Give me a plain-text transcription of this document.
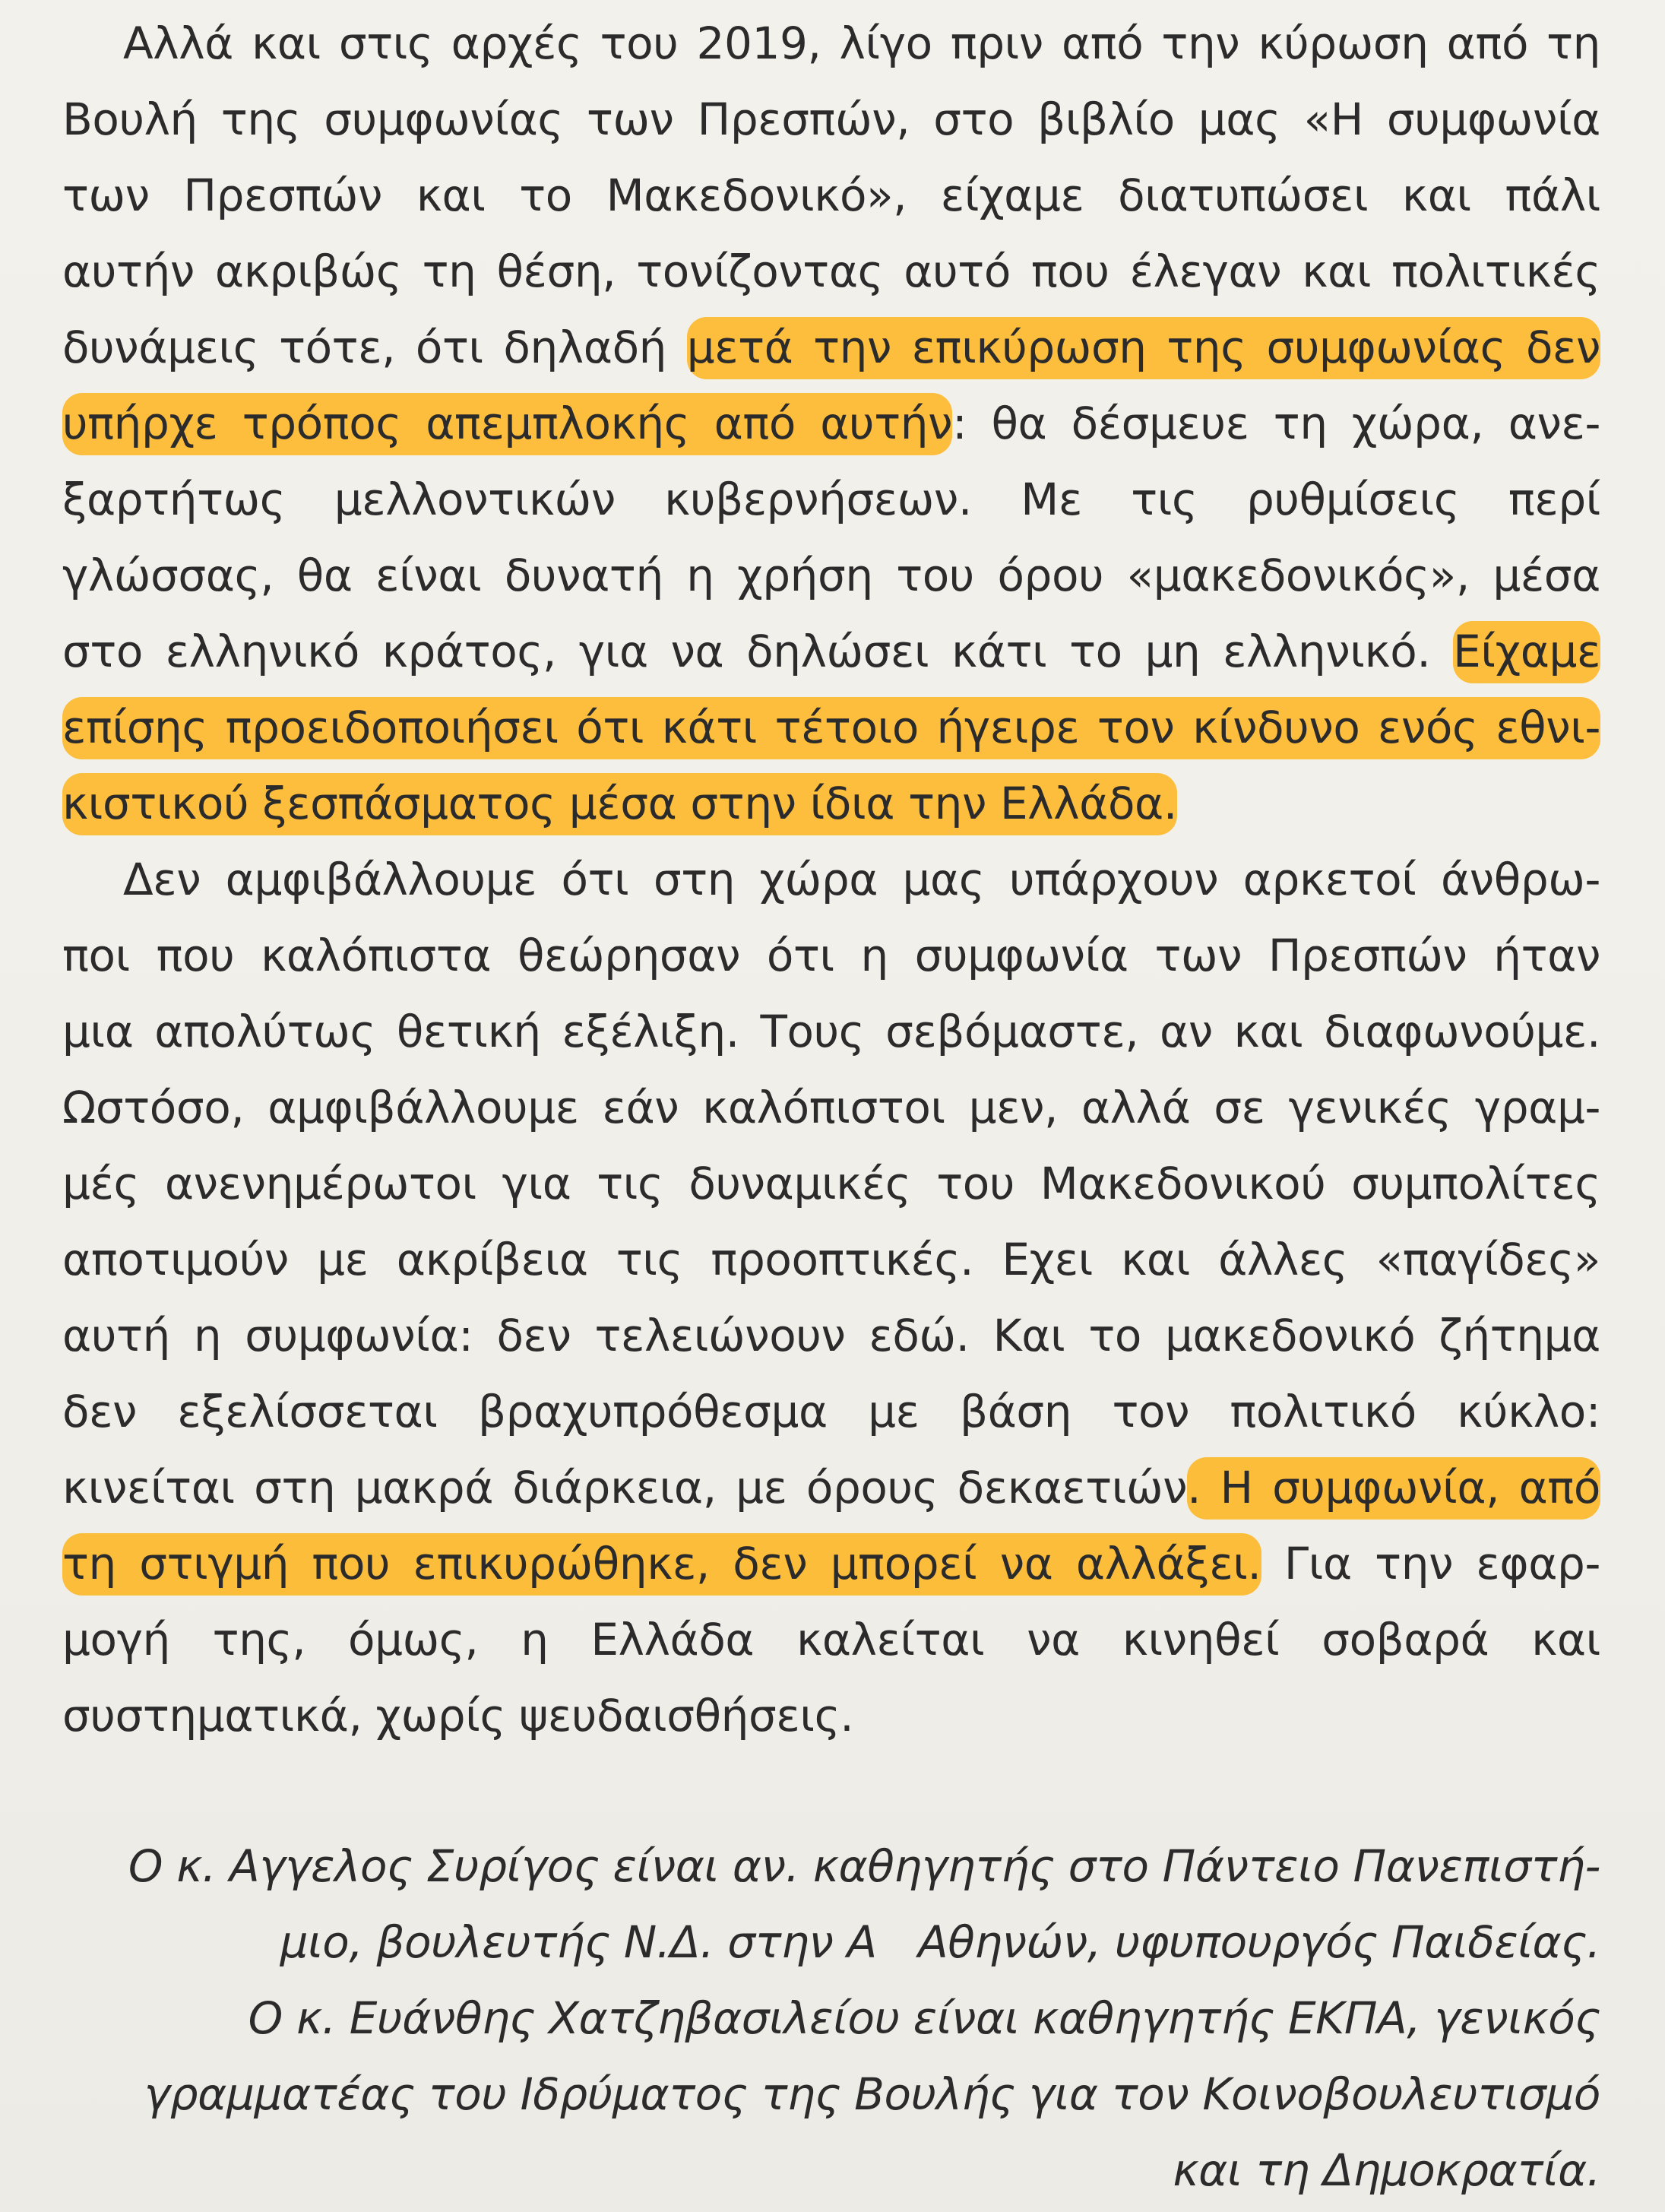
Αλλά και στις αρχές του 2019, λίγο πριν από την κύρωση από τη
Βουλή της συμφωνίας των Πρεσπών, στο βιβλίο μας «Η συμφωνία
των Πρεσπών και το Μακεδονικό», είχαμε διατυπώσει και πάλι
αυτήν ακριβώς τη θέση, τονίζοντας αυτό που έλεγαν και πολιτικές
δυνάμεις τότε, ότι δηλαδή μετά την επικύρωση της συμφωνίας δεν
υπήρχε τρόπος απεμπλοκής από αυτήν: θα δέσμευε τη χώρα, ανε-
ξαρτήτως μελλοντικών κυβερνήσεων. Με τις ρυθμίσεις περί
γλώσσας, θα είναι δυνατή η χρήση του όρου «μακεδονικός», μέσα
στο ελληνικό κράτος, για να δηλώσει κάτι το μη ελληνικό. Είχαμε
επίσης προειδοποιήσει ότι κάτι τέτοιο ήγειρε τον κίνδυνο ενός εθνι-
κιστικού ξεσπάσματος μέσα στην ίδια την Ελλάδα.
Δεν αμφιβάλλουμε ότι στη χώρα μας υπάρχουν αρκετοί άνθρω-
ποι που καλόπιστα θεώρησαν ότι η συμφωνία των Πρεσπών ήταν
μια απολύτως θετική εξέλιξη. Τους σεβόμαστε, αν και διαφωνούμε.
Ωστόσο, αμφιβάλλουμε εάν καλόπιστοι μεν, αλλά σε γενικές γραμ-
μές ανενημέρωτοι για τις δυναμικές του Μακεδονικού συμπολίτες
αποτιμούν με ακρίβεια τις προοπτικές. Εχει και άλλες «παγίδες»
αυτή η συμφωνία: δεν τελειώνουν εδώ. Και το μακεδονικό ζήτημα
δεν εξελίσσεται βραχυπρόθεσμα με βάση τον πολιτικό κύκλο:
κινείται στη μακρά διάρκεια, με όρους δεκαετιών. Η συμφωνία, από
τη στιγμή που επικυρώθηκε, δεν μπορεί να αλλάξει. Για την εφαρ-
μογή της, όμως, η Ελλάδα καλείται να κινηθεί σοβαρά και
συστηματικά, χωρίς ψευδαισθήσεις.
Ο κ. Αγγελος Συρίγος είναι αν. καθηγητής στο Πάντειο Πανεπιστή-
μιο, βουλευτής Ν.Δ. στην Α   Αθηνών, υφυπουργός Παιδείας.
Ο κ. Ευάνθης Χατζηβασιλείου είναι καθηγητής ΕΚΠΑ, γενικός
γραμματέας του Ιδρύματος της Βουλής για τον Κοινοβουλευτισμό
και τη Δημοκρατία.
